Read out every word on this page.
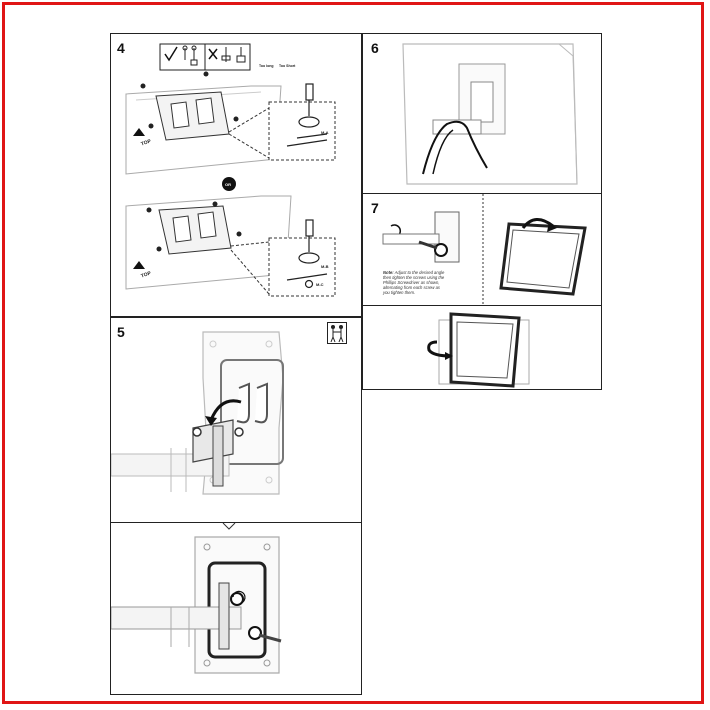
4
TOP
TOP
OR
M-A
M-B
M-C
Too long Too Short
5
6
7
Note: Adjust to the desired angle then tighten the screws using the Phillips Screwdriver as shown, alternating from each screw as you tighten them.
